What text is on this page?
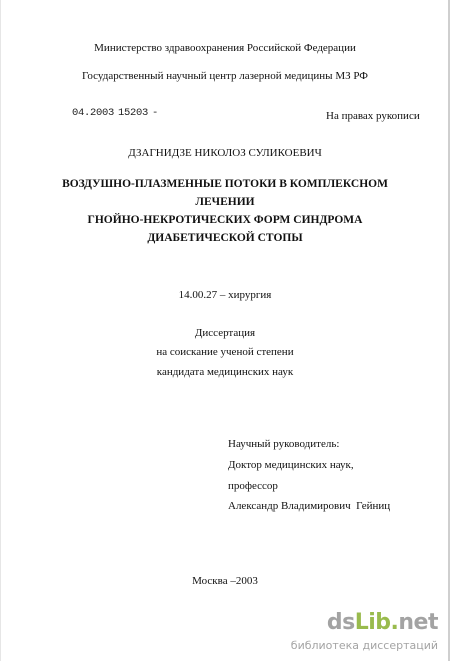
Министерство здравоохранения Российской Федерации
Государственный научный центр лазерной медицины МЗ РФ
04.2003 15203 -	На правах рукописи
ДЗАГНИДЗЕ НИКОЛОЗ СУЛИКОЕВИЧ
ВОЗДУШНО-ПЛАЗМЕННЫЕ ПОТОКИ В КОМПЛЕКСНОМ
ЛЕЧЕНИИ
ГНОЙНО-НЕКРОТИЧЕСКИХ ФОРМ СИНДРОМА
ДИАБЕТИЧЕСКОЙ СТОПЫ
14.00.27 – хирургия
Диссертация
на соискание ученой степени
кандидата медицинских наук
Научный руководитель:
Доктор медицинских наук,
профессор
Александр Владимирович  Гейниц
Москва –2003
dsLib.net
библиотека диссертаций
